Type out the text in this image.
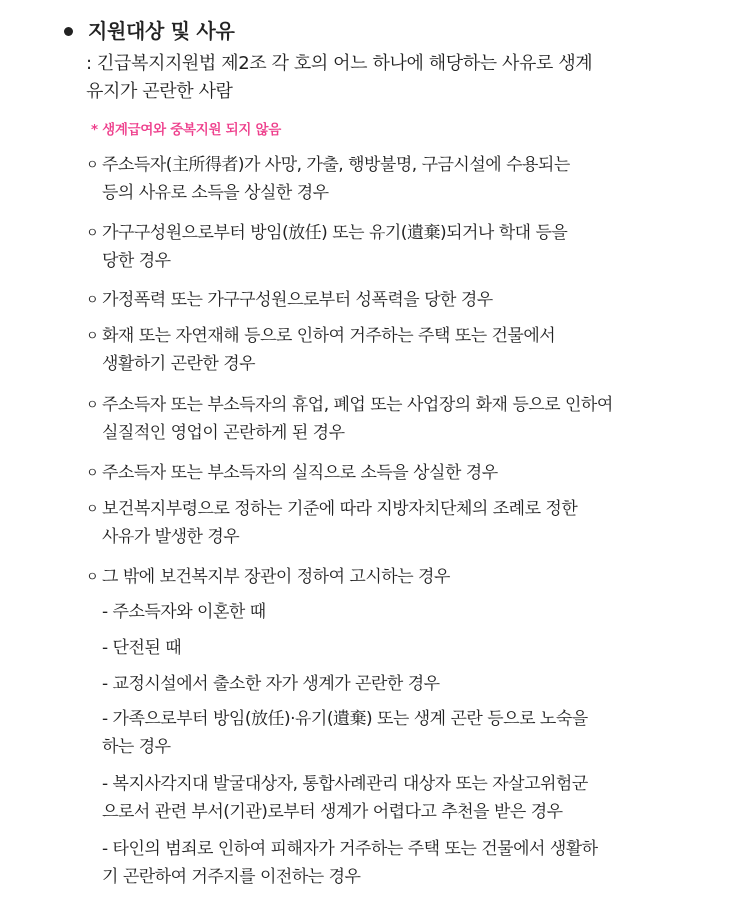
지원대상 및 사유
: 긴급복지지원법 제2조 각 호의 어느 하나에 해당하는 사유로 생계
유지가 곤란한 사람
* 생계급여와 중복지원 되지 않음
ㅇ 주소득자(主所得者)가 사망, 가출, 행방불명, 구금시설에 수용되는
등의 사유로 소득을 상실한 경우
ㅇ 가구구성원으로부터 방임(放任) 또는 유기(遺棄)되거나 학대 등을
당한 경우
ㅇ 가정폭력 또는 가구구성원으로부터 성폭력을 당한 경우
ㅇ 화재 또는 자연재해 등으로 인하여 거주하는 주택 또는 건물에서
생활하기 곤란한 경우
ㅇ 주소득자 또는 부소득자의 휴업, 폐업 또는 사업장의 화재 등으로 인하여
실질적인 영업이 곤란하게 된 경우
ㅇ 주소득자 또는 부소득자의 실직으로 소득을 상실한 경우
ㅇ 보건복지부령으로 정하는 기준에 따라 지방자치단체의 조례로 정한
사유가 발생한 경우
ㅇ 그 밖에 보건복지부 장관이 정하여 고시하는 경우
- 주소득자와 이혼한 때
- 단전된 때
- 교정시설에서 출소한 자가 생계가 곤란한 경우
- 가족으로부터 방임(放任)·유기(遺棄) 또는 생계 곤란 등으로 노숙을
하는 경우
- 복지사각지대 발굴대상자, 통합사례관리 대상자 또는 자살고위험군
으로서 관련 부서(기관)로부터 생계가 어렵다고 추천을 받은 경우
- 타인의 범죄로 인하여 피해자가 거주하는 주택 또는 건물에서 생활하
기 곤란하여 거주지를 이전하는 경우
